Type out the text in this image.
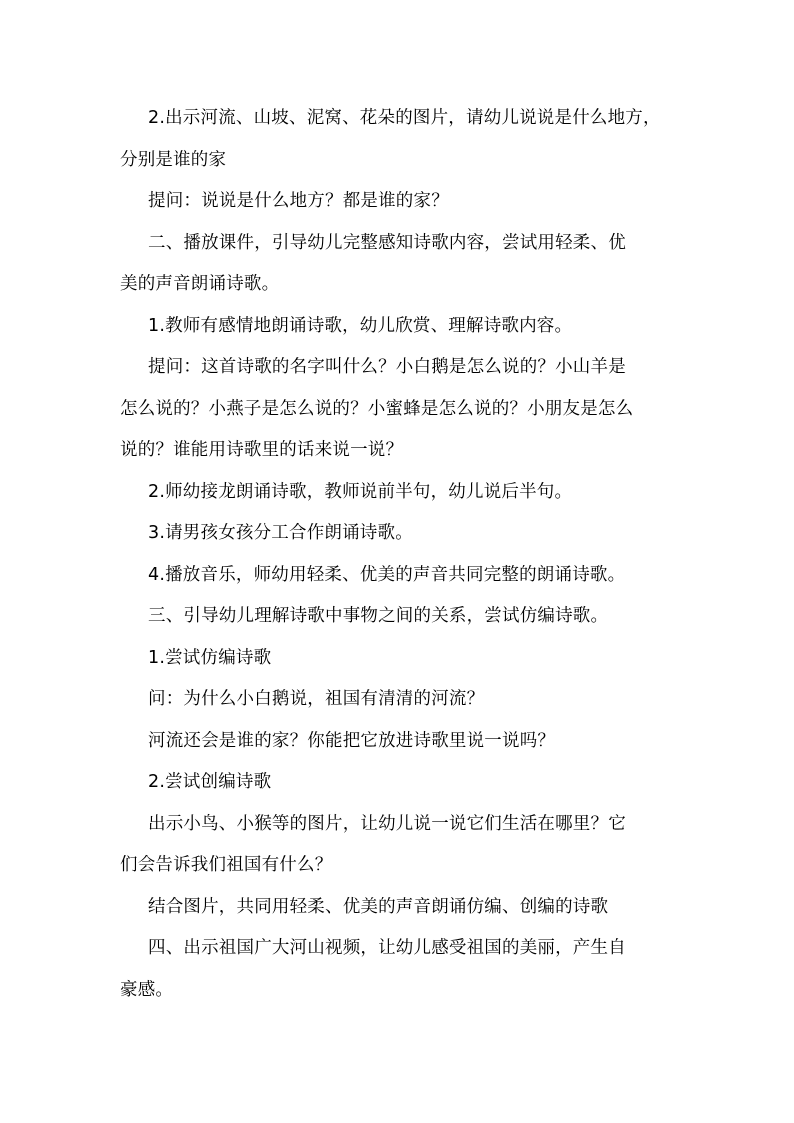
2.出示河流、山坡、泥窝、花朵的图片，请幼儿说说是什么地方，

分别是谁的家

提问：说说是什么地方？都是谁的家？

二、播放课件，引导幼儿完整感知诗歌内容，尝试用轻柔、优

美的声音朗诵诗歌。

1.教师有感情地朗诵诗歌，幼儿欣赏、理解诗歌内容。

提问：这首诗歌的名字叫什么？小白鹅是怎么说的？小山羊是

怎么说的？小燕子是怎么说的？小蜜蜂是怎么说的？小朋友是怎么

说的？谁能用诗歌里的话来说一说？

2.师幼接龙朗诵诗歌，教师说前半句，幼儿说后半句。

3.请男孩女孩分工合作朗诵诗歌。

4.播放音乐，师幼用轻柔、优美的声音共同完整的朗诵诗歌。

三、引导幼儿理解诗歌中事物之间的关系，尝试仿编诗歌。

1.尝试仿编诗歌

问：为什么小白鹅说，祖国有清清的河流？

河流还会是谁的家？你能把它放进诗歌里说一说吗？

2.尝试创编诗歌

出示小鸟、小猴等的图片，让幼儿说一说它们生活在哪里？它

们会告诉我们祖国有什么？

结合图片，共同用轻柔、优美的声音朗诵仿编、创编的诗歌

四、出示祖国广大河山视频，让幼儿感受祖国的美丽，产生自

豪感。
